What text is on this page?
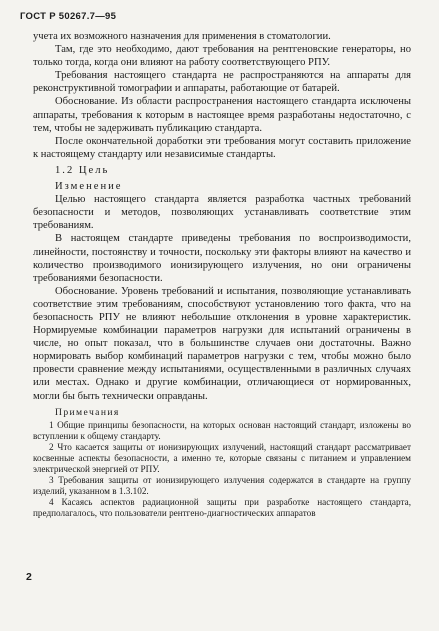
ГОСТ Р 50267.7—95

учета их возможного назначения для применения в стоматологии.

Там, где это необходимо, дают требования на рентгеновские генераторы, но только тогда, когда они влияют на работу соответствующего РПУ.

Требования настоящего стандарта не распространяются на аппараты для реконструктивной томографии и аппараты, работающие от батарей.

Обоснование. Из области распространения настоящего стандарта исключены аппараты, требования к которым в настоящее время разработаны недостаточно, с тем, чтобы не задерживать публикацию стандарта.

После окончательной доработки эти требования могут составить приложение к настоящему стандарту или независимые стандарты.

1.2 Цель

Изменение

Целью настоящего стандарта является разработка частных требований безопасности и методов, позволяющих устанавливать соответствие этим требованиям.

В настоящем стандарте приведены требования по воспроизводимости, линейности, постоянству и точности, поскольку эти факторы влияют на качество и количество производимого ионизирующего излучения, но они ограничены требованиями безопасности.

Обоснование. Уровень требований и испытания, позволяющие устанавливать соответствие этим требованиям, способствуют установлению того факта, что на безопасность РПУ не влияют небольшие отклонения в уровне характеристик. Нормируемые комбинации параметров нагрузки для испытаний ограничены в числе, но опыт показал, что в большинстве случаев они достаточны. Важно нормировать выбор комбинаций параметров нагрузки с тем, чтобы можно было провести сравнение между испытаниями, осуществленными в различных случаях или местах. Однако и другие комбинации, отличающиеся от нормированных, могли бы быть технически оправданы.

Примечания

1 Общие принципы безопасности, на которых основан настоящий стандарт, изложены во вступлении к общему стандарту.

2 Что касается защиты от ионизирующих излучений, настоящий стандарт рассматривает косвенные аспекты безопасности, а именно те, которые связаны с питанием и управлением электрической энергией от РПУ.

3 Требования защиты от ионизирующего излучения содержатся в стандарте на группу изделий, указанном в 1.3.102.

4 Касаясь аспектов радиационной защиты при разработке настоящего стандарта, предполагалось, что пользователи рентгено-диагностических аппаратов

2
